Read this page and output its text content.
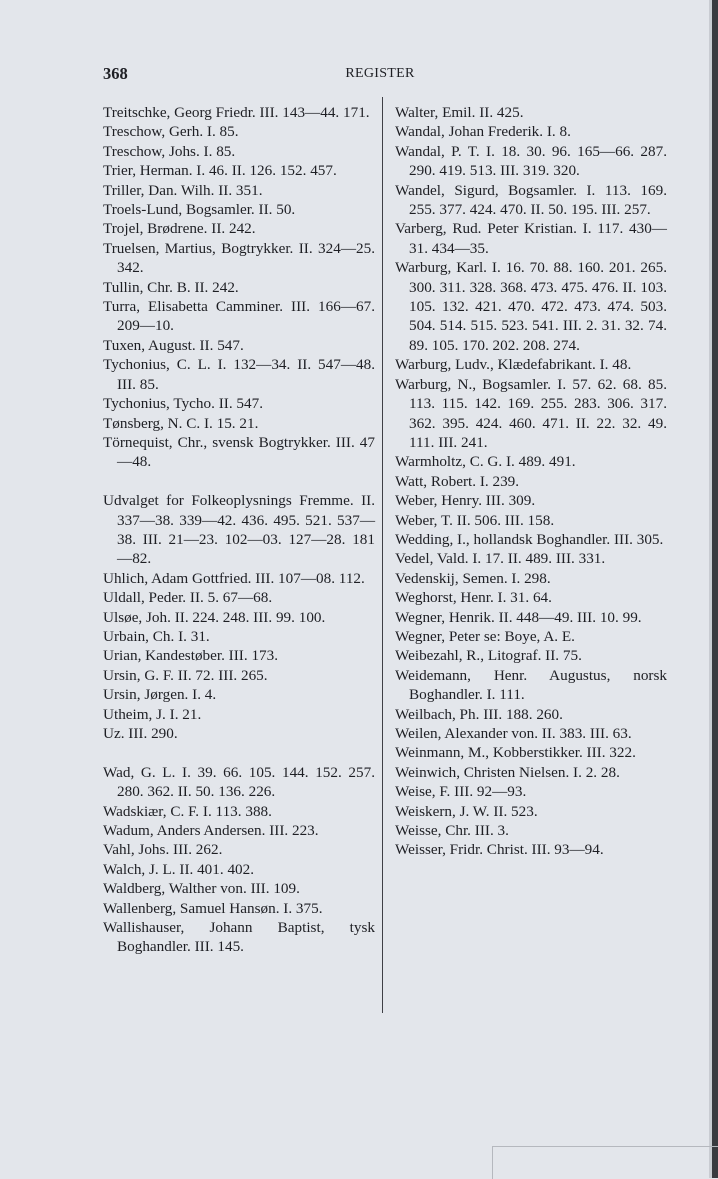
368	REGISTER
Treitschke, Georg Friedr. III. 143—44. 171.
Treschow, Gerh. I. 85.
Treschow, Johs. I. 85.
Trier, Herman. I. 46. II. 126. 152. 457.
Triller, Dan. Wilh. II. 351.
Troels-Lund, Bogsamler. II. 50.
Trojel, Brødrene. II. 242.
Truelsen, Martius, Bogtrykker. II. 324—25. 342.
Tullin, Chr. B. II. 242.
Turra, Elisabetta Camminer. III. 166—67. 209—10.
Tuxen, August. II. 547.
Tychonius, C. L. I. 132—34. II. 547—48. III. 85.
Tychonius, Tycho. II. 547.
Tønsberg, N. C. I. 15. 21.
Törnequist, Chr., svensk Bogtrykker. III. 47—48.
Udvalget for Folkeoplysnings Fremme. II. 337—38. 339—42. 436. 495. 521. 537—38. III. 21—23. 102—03. 127—28. 181—82.
Uhlich, Adam Gottfried. III. 107—08. 112.
Uldall, Peder. II. 5. 67—68.
Ulsøe, Joh. II. 224. 248. III. 99. 100.
Urbain, Ch. I. 31.
Urian, Kandestøber. III. 173.
Ursin, G. F. II. 72. III. 265.
Ursin, Jørgen. I. 4.
Utheim, J. I. 21.
Uz. III. 290.
Wad, G. L. I. 39. 66. 105. 144. 152. 257. 280. 362. II. 50. 136. 226.
Wadskiær, C. F. I. 113. 388.
Wadum, Anders Andersen. III. 223.
Vahl, Johs. III. 262.
Walch, J. L. II. 401. 402.
Waldberg, Walther von. III. 109.
Wallenberg, Samuel Hansøn. I. 375.
Wallishauser, Johann Baptist, tysk Boghandler. III. 145.
Walter, Emil. II. 425.
Wandal, Johan Frederik. I. 8.
Wandal, P. T. I. 18. 30. 96. 165—66. 287. 290. 419. 513. III. 319. 320.
Wandel, Sigurd, Bogsamler. I. 113. 169. 255. 377. 424. 470. II. 50. 195. III. 257.
Varberg, Rud. Peter Kristian. I. 117. 430—31. 434—35.
Warburg, Karl. I. 16. 70. 88. 160. 201. 265. 300. 311. 328. 368. 473. 475. 476. II. 103. 105. 132. 421. 470. 472. 473. 474. 503. 504. 514. 515. 523. 541. III. 2. 31. 32. 74. 89. 105. 170. 202. 208. 274.
Warburg, Ludv., Klædefabrikant. I. 48.
Warburg, N., Bogsamler. I. 57. 62. 68. 85. 113. 115. 142. 169. 255. 283. 306. 317. 362. 395. 424. 460. 471. II. 22. 32. 49. 111. III. 241.
Warmholtz, C. G. I. 489. 491.
Watt, Robert. I. 239.
Weber, Henry. III. 309.
Weber, T. II. 506. III. 158.
Wedding, I., hollandsk Boghandler. III. 305.
Vedel, Vald. I. 17. II. 489. III. 331.
Vedenskij, Semen. I. 298.
Weghorst, Henr. I. 31. 64.
Wegner, Henrik. II. 448—49. III. 10. 99.
Wegner, Peter se: Boye, A. E.
Weibezahl, R., Litograf. II. 75.
Weidemann, Henr. Augustus, norsk Boghandler. I. 111.
Weilbach, Ph. III. 188. 260.
Weilen, Alexander von. II. 383. III. 63.
Weinmann, M., Kobberstikker. III. 322.
Weinwich, Christen Nielsen. I. 2. 28.
Weise, F. III. 92—93.
Weiskern, J. W. II. 523.
Weisse, Chr. III. 3.
Weisser, Fridr. Christ. III. 93—94.
